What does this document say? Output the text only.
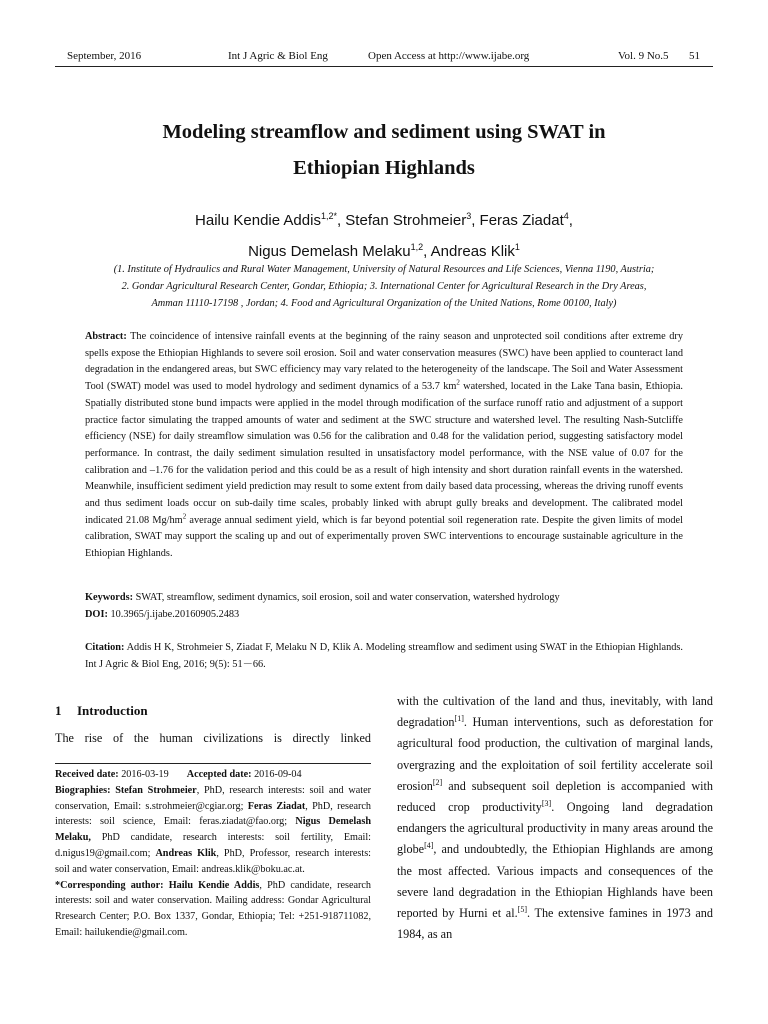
September, 2016	Int J Agric & Biol Eng	Open Access at http://www.ijabe.org	Vol. 9 No.5 51
Modeling streamflow and sediment using SWAT in
Ethiopian Highlands
Hailu Kendie Addis$^{1,2*}$, Stefan Strohmeier$^3$, Feras Ziadat$^4$,
Nigus Demelash Melaku$^{1,2}$, Andreas Klik$^1$
(1. Institute of Hydraulics and Rural Water Management, University of Natural Resources and Life Sciences, Vienna 1190, Austria;
2. Gondar Agricultural Research Center, Gondar, Ethiopia; 3. International Center for Agricultural Research in the Dry Areas,
Amman 11110-17198 , Jordan; 4. Food and Agricultural Organization of the United Nations, Rome 00100, Italy)
Abstract: The coincidence of intensive rainfall events at the beginning of the rainy season and unprotected soil conditions after extreme dry spells expose the Ethiopian Highlands to severe soil erosion. Soil and water conservation measures (SWC) have been applied to counteract land degradation in the endangered areas, but SWC efficiency may vary related to the heterogeneity of the landscape. The Soil and Water Assessment Tool (SWAT) model was used to model hydrology and sediment dynamics of a 53.7 $km^2$ watershed, located in the Lake Tana basin, Ethiopia. Spatially distributed stone bund impacts were applied in the model through modification of the surface runoff ratio and adjustment of a support practice factor simulating the trapped amounts of water and sediment at the SWC structure and watershed level. The resulting Nash-Sutcliffe efficiency (NSE) for daily streamflow simulation was 0.56 for the calibration and 0.48 for the validation period, suggesting satisfactory model performance. In contrast, the daily sediment simulation resulted in unsatisfactory model performance, with the NSE value of 0.07 for the calibration and –1.76 for the validation period and this could be as a result of high intensity and short duration rainfall events in the watershed. Meanwhile, insufficient sediment yield prediction may result to some extent from daily based data processing, whereas the driving runoff events and thus sediment loads occur on sub-daily time scales, probably linked with abrupt gully breaks and development. The calibrated model indicated 21.08 $Mg/hm^2$ average annual sediment yield, which is far beyond potential soil regeneration rate. Despite the given limits of model calibration, SWAT may support the scaling up and out of experimentally proven SWC interventions to encourage sustainable agriculture in the Ethiopian Highlands.
Keywords: SWAT, streamflow, sediment dynamics, soil erosion, soil and water conservation, watershed hydrology
DOI: 10.3965/j.ijabe.20160905.2483
Citation: Addis H K, Strohmeier S, Ziadat F, Melaku N D, Klik A. Modeling streamflow and sediment using SWAT in the Ethiopian Highlands. Int J Agric & Biol Eng, 2016; 9(5): 51－66.
1 Introduction
The rise of the human civilizations is directly linked
Received date: 2016-03-19 Accepted date: 2016-09-04
Biographies: Stefan Strohmeier, PhD, research interests: soil and water conservation, Email: s.strohmeier@cgiar.org; Feras Ziadat, PhD, research interests: soil science, Email: feras.ziadat@fao.org; Nigus Demelash Melaku, PhD candidate, research interests: soil fertility, Email: d.nigus19@gmail.com; Andreas Klik, PhD, Professor, research interests: soil and water conservation, Email: andreas.klik@boku.ac.at.
*Corresponding author: Hailu Kendie Addis, PhD candidate, research interests: soil and water conservation. Mailing address: Gondar Agricultural Rresearch Center; P.O. Box 1337, Gondar, Ethiopia; Tel: +251-918711082, Email: hailukendie@gmail.com.
with the cultivation of the land and thus, inevitably, with land degradation[1]. Human interventions, such as deforestation for agricultural food production, the cultivation of marginal lands, overgrazing and the exploitation of soil fertility accelerate soil erosion[2] and subsequent soil depletion is accompanied with reduced crop productivity[3]. Ongoing land degradation endangers the agricultural productivity in many areas around the globe[4], and undoubtedly, the Ethiopian Highlands are among the most affected. Various impacts and consequences of the severe land degradation in the Ethiopian Highlands have been reported by Hurni et al.[5]. The extensive famines in 1973 and 1984, as an
